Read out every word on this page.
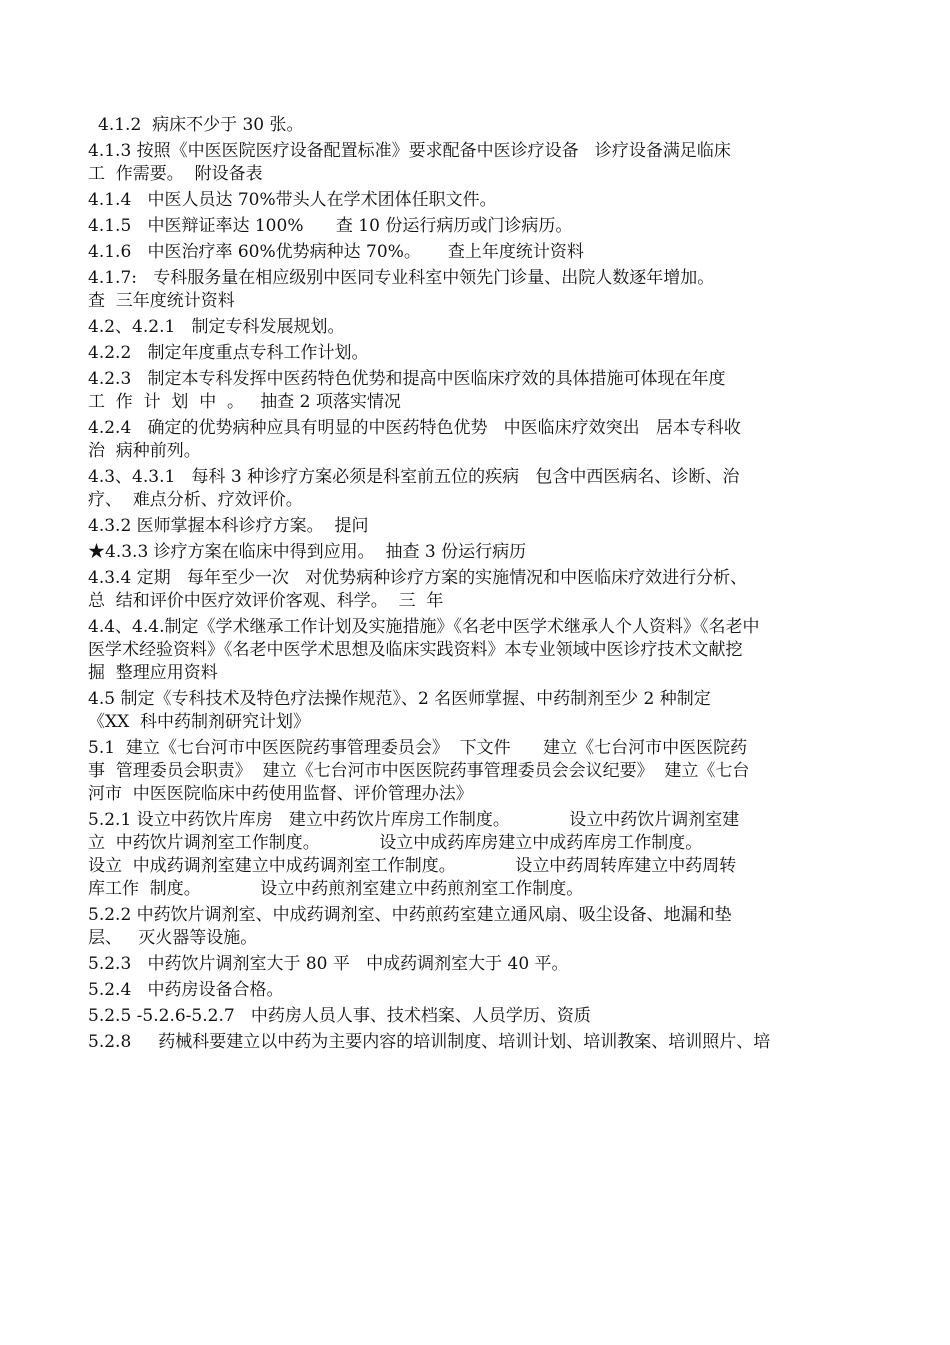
4.1.2  病床不少于 30 张。
4.1.3 按照《中医医院医疗设备配置标准》要求配备中医诊疗设备   诊疗设备满足临床
工  作需要。  附设备表
4.1.4   中医人员达 70%带头人在学术团体任职文件。
4.1.5   中医辩证率达 100%      查 10 份运行病历或门诊病历。
4.1.6   中医治疗率 60%优势病种达 70%。     查上年度统计资料
4.1.7:   专科服务量在相应级别中医同专业科室中领先门诊量、出院人数逐年增加。
查  三年度统计资料
4.2、4.2.1   制定专科发展规划。
4.2.2   制定年度重点专科工作计划。
4.2.3   制定本专科发挥中医药特色优势和提高中医临床疗效的具体措施可体现在年度
工  作  计  划  中  。   抽查 2 项落实情况
4.2.4   确定的优势病种应具有明显的中医药特色优势   中医临床疗效突出   居本专科收
治  病种前列。
4.3、4.3.1   每科 3 种诊疗方案必须是科室前五位的疾病   包含中西医病名、诊断、治
疗、  难点分析、疗效评价。
4.3.2 医师掌握本科诊疗方案。  提问
★4.3.3 诊疗方案在临床中得到应用。  抽查 3 份运行病历
4.3.4 定期   每年至少一次   对优势病种诊疗方案的实施情况和中医临床疗效进行分析、
总  结和评价中医疗效评价客观、科学。  三  年
4.4、4.4.制定《学术继承工作计划及实施措施》《名老中医学术继承人个人资料》《名老中
医学术经验资料》《名老中医学术思想及临床实践资料》本专业领域中医诊疗技术文献挖
掘  整理应用资料
4.5 制定《专科技术及特色疗法操作规范》、2 名医师掌握、中药制剂至少 2 种制定
《XX  科中药制剂研究计划》
5.1  建立《七台河市中医医院药事管理委员会》  下文件      建立《七台河市中医医院药
事  管理委员会职责》  建立《七台河市中医医院药事管理委员会会议纪要》  建立《七台
河市  中医医院临床中药使用监督、评价管理办法》
5.2.1 设立中药饮片库房   建立中药饮片库房工作制度。           设立中药饮片调剂室建
立  中药饮片调剂室工作制度。           设立中成药库房建立中成药库房工作制度。
设立  中成药调剂室建立中成药调剂室工作制度。           设立中药周转库建立中药周转
库工作  制度。           设立中药煎剂室建立中药煎剂室工作制度。
5.2.2 中药饮片调剂室、中成药调剂室、中药煎药室建立通风扇、吸尘设备、地漏和垫
层、   灭火器等设施。
5.2.3   中药饮片调剂室大于 80 平   中成药调剂室大于 40 平。
5.2.4   中药房设备合格。
5.2.5 -5.2.6-5.2.7   中药房人员人事、技术档案、人员学历、资质
5.2.8     药械科要建立以中药为主要内容的培训制度、培训计划、培训教案、培训照片、培
